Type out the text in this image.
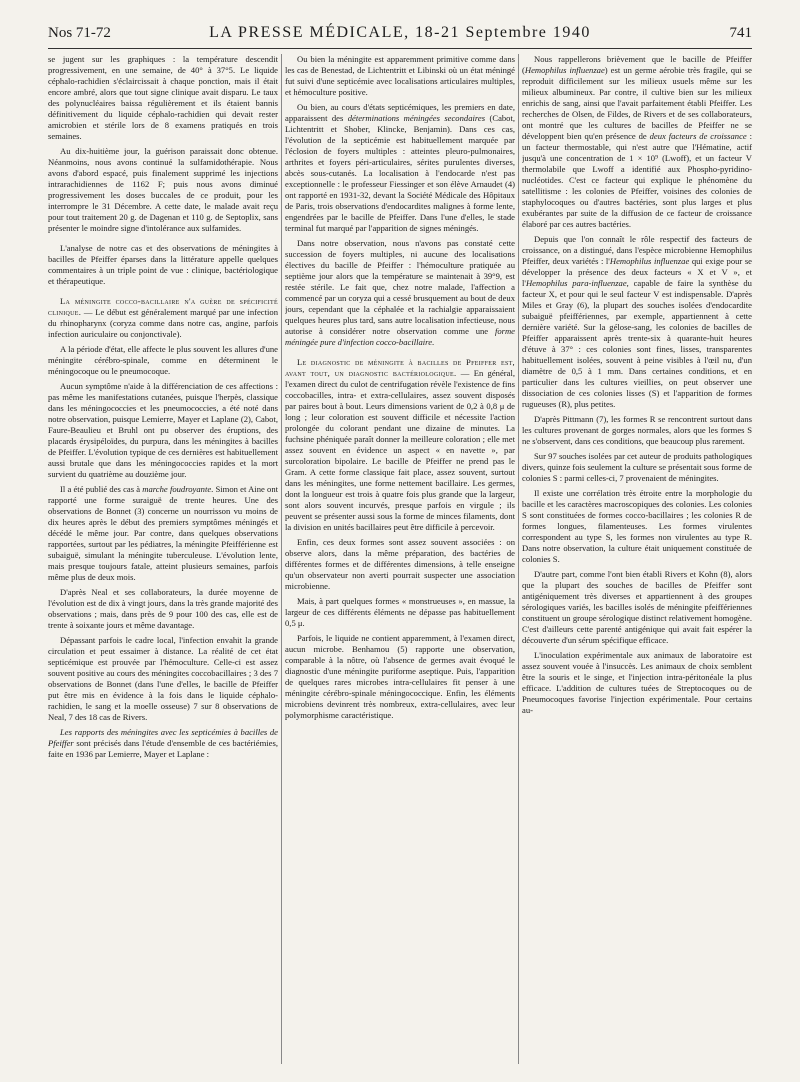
Nos 71-72	LA PRESSE MÉDICALE, 18-21 Septembre 1940	741

se jugent sur les graphiques : la température descendit progressivement, en une semaine, de 40° à 37°5. Le liquide céphalo-rachidien s'éclaircissait à chaque ponction, mais il était encore ambré, alors que tout signe clinique avait disparu. Le taux des polynucléaires baissa régulièrement et ils étaient bannis définitivement du liquide céphalo-rachidien qui devait rester amicrobien et stérile lors de 8 examens pratiqués en trois semaines.

Au dix-huitième jour, la guérison paraissait donc obtenue. Néanmoins, nous avons continué la sulfamidothérapie. Nous avons d'abord espacé, puis finalement supprimé les injections intrarachidiennes de 1162 F; puis nous avons diminué progressivement les doses buccales de ce produit, pour les interrompre le 31 Décembre. A cette date, le malade avait reçu pour tout traitement 20 g. de Dagenan et 110 g. de Septoplix, sans présenter le moindre signe d'intolérance aux sulfamides.

L'analyse de notre cas et des observations de méningites à bacilles de Pfeiffer éparses dans la littérature appelle quelques commentaires à un triple point de vue : clinique, bactériologique et thérapeutique.

La méningite cocco-bacillaire n'a guère de spécificité clinique. — Le début est généralement marqué par une infection du rhinopharynx (coryza comme dans notre cas, angine, parfois infection auriculaire ou conjonctivale).

A la période d'état, elle affecte le plus souvent les allures d'une méningite cérébro-spinale, comme en déterminent le méningocoque ou le pneumocoque.

Aucun symptôme n'aide à la différenciation de ces affections : pas même les manifestations cutanées, puisque l'herpès, classique dans les méningococcies et les pneumococcies, a été noté dans notre observation, puisque Lemierre, Mayer et Laplane (2), Cabot, Faure-Beaulieu et Bruhl ont pu observer des éruptions, des placards érysipéloïdes, du purpura, dans les méningites à bacilles de Pfeiffer. L'évolution typique de ces dernières est habituellement aussi brutale que dans les méningococcies rapides et la mort survient du quatrième au douzième jour.

Il a été publié des cas à marche foudroyante. Simon et Aine ont rapporté une forme suraiguë de trente heures. Une des observations de Bonnet (3) concerne un nourrisson vu moins de dix heures après le début des premiers symptômes méningés et décédé le même jour. Par contre, dans quelques observations rapportées, surtout par les pédiatres, la méningite Pfeifférienne est subaiguë, simulant la méningite tuberculeuse. L'évolution lente, mais presque toujours fatale, atteint plusieurs semaines, parfois même plus de deux mois.

D'après Neal et ses collaborateurs, la durée moyenne de l'évolution est de dix à vingt jours, dans la très grande majorité des observations ; mais, dans près de 9 pour 100 des cas, elle est de trente à soixante jours et même davantage.

Dépassant parfois le cadre local, l'infection envahit la grande circulation et peut essaimer à distance. La réalité de cet état septicémique est prouvée par l'hémoculture. Celle-ci est assez souvent positive au cours des méningites coccobacillaires ; 3 des 7 observations de Bonnet (dans l'une d'elles, le bacille de Pfeiffer put être mis en évidence à la fois dans le liquide céphalo-rachidien, le sang et la moelle osseuse) 7 sur 8 observations de Neal, 7 des 18 cas de Rivers.

Les rapports des méningites avec les septicémies à bacilles de Pfeiffer sont précisés dans l'étude d'ensemble de ces bactériémies, faite en 1936 par Lemierre, Mayer et Laplane :

Ou bien la méningite est apparemment primitive comme dans les cas de Benestad, de Lichtentritt et Libinski où un état méningé fut suivi d'une septicémie avec localisations articulaires multiples, et hémoculture positive.

Ou bien, au cours d'états septicémiques, les premiers en date, apparaissent des déterminations méningées secondaires (Cabot, Lichtentritt et Shober, Klincke, Benjamin). Dans ces cas, l'évolution de la septicémie est habituellement marquée par l'éclosion de foyers multiples : atteintes pleuro-pulmonaires, arthrites et foyers péri-articulaires, sérites purulentes diverses, abcès sous-cutanés. La localisation à l'endocarde n'est pas exceptionnelle : le professeur Fiessinger et son élève Arnaudet (4) ont rapporté en 1931-32, devant la Société Médicale des Hôpitaux de Paris, trois observations d'endocardites malignes à forme lente, engendrées par le bacille de Pfeiffer. Dans l'une d'elles, le stade terminal fut marqué par l'apparition de signes méningés.

Dans notre observation, nous n'avons pas constaté cette succession de foyers multiples, ni aucune des localisations électives du bacille de Pfeiffer : l'hémoculture pratiquée au septième jour alors que la température se maintenait à 39°9, est restée stérile. Le fait que, chez notre malade, l'affection a commencé par un coryza qui a cessé brusquement au bout de deux jours, cependant que la céphalée et la rachialgie apparaissaient quelques heures plus tard, sans autre localisation infectieuse, nous autorise à considérer notre observation comme une forme méningée pure d'infection cocco-bacillaire.

Le diagnostic de méningite à bacilles de Pfeiffer est, avant tout, un diagnostic bactériologique. — En général, l'examen direct du culot de centrifugation révèle l'existence de fins coccobacilles, intra- et extra-cellulaires, assez souvent disposés par paires bout à bout. Leurs dimensions varient de 0,2 à 0,8 μ de long ; leur coloration est souvent difficile et nécessite l'action prolongée du colorant pendant une dizaine de minutes. La fuchsine phéniquée paraît donner la meilleure coloration ; elle met assez souvent en évidence un aspect « en navette », par surcoloration bipolaire. Le bacille de Pfeiffer ne prend pas le Gram. A cette forme classique fait place, assez souvent, surtout dans les méningites, une forme nettement bacillaire. Les germes, dont la longueur est trois à quatre fois plus grande que la largeur, sont alors souvent incurvés, presque parfois en virgule ; ils peuvent se présenter aussi sous la forme de minces filaments, dont la division en unités bacillaires peut être difficile à percevoir.

Enfin, ces deux formes sont assez souvent associées : on observe alors, dans la même préparation, des bactéries de différentes formes et de différentes dimensions, à telle enseigne qu'un observateur non averti pourrait suspecter une association microbienne.

Mais, à part quelques formes « monstrueuses », en massue, la largeur de ces différents éléments ne dépasse pas habituellement 0,5 μ.

Parfois, le liquide ne contient apparemment, à l'examen direct, aucun microbe. Benhamou (5) rapporte une observation, comparable à la nôtre, où l'absence de germes avait évoqué le diagnostic d'une méningite puriforme aseptique. Puis, l'apparition de quelques rares microbes intra-cellulaires fit penser à une méningite cérébro-spinale méningococcique. Enfin, les éléments microbiens devinrent très nombreux, extra-cellulaires, avec leur polymorphisme caractéristique.

Nous rappellerons brièvement que le bacille de Pfeiffer (Hemophilus influenzae) est un germe aérobie très fragile, qui se reproduit difficilement sur les milieux usuels même sur les milieux albumineux. Par contre, il cultive bien sur les milieux enrichis de sang, ainsi que l'avait parfaitement établi Pfeiffer. Les recherches de Olsen, de Fildes, de Rivers et de ses collaborateurs, ont montré que les cultures de bacilles de Pfeiffer ne se développent bien qu'en présence de deux facteurs de croissance : un facteur thermostable, qui n'est autre que l'Hématine, actif jusqu'à une concentration de 1 × 10⁹ (Lwoff), et un facteur V thermolabile que Lwoff a identifié aux Phospho-pyridino-nucléotides. C'est ce facteur qui explique le phénomène du satellitisme : les colonies de Pfeiffer, voisines des colonies de staphylocoques ou d'autres bactéries, sont plus larges et plus exubérantes par suite de la diffusion de ce facteur de croissance élaboré par ces autres bactéries.

Depuis que l'on connaît le rôle respectif des facteurs de croissance, on a distingué, dans l'espèce microbienne Hemophilus Pfeiffer, deux variétés : l'Hemophilus influenzae qui exige pour se développer la présence des deux facteurs « X et V », et l'Hemophilus para-influenzae, capable de faire la synthèse du facteur X, et pour qui le seul facteur V est indispensable. D'après Miles et Gray (6), la plupart des souches isolées d'endocardite subaiguë pfeiffériennes, par exemple, appartiennent à cette dernière variété. Sur la gélose-sang, les colonies de bacilles de Pfeiffer apparaissent après trente-six à quarante-huit heures d'étuve à 37° : ces colonies sont fines, lisses, transparentes habituellement isolées, souvent à peine visibles à l'œil nu, d'un diamètre de 0,5 à 1 mm. Dans certaines conditions, et en particulier dans les cultures vieillies, on peut observer une dissociation de ces colonies lisses (S) et l'apparition de formes rugueuses (R), plus petites.

D'après Pittmann (7), les formes R se rencontrent surtout dans les cultures provenant de gorges normales, alors que les formes S ne s'observent, dans ces conditions, que beaucoup plus rarement.

Sur 97 souches isolées par cet auteur de produits pathologiques divers, quinze fois seulement la culture se présentait sous forme de colonies S : parmi celles-ci, 7 provenaient de méningites.

Il existe une corrélation très étroite entre la morphologie du bacille et les caractères macroscopiques des colonies. Les colonies S sont constituées de formes cocco-bacillaires ; les colonies R de formes longues, filamenteuses. Les formes virulentes correspondent au type S, les formes non virulentes au type R. Dans notre observation, la culture était uniquement constituée de colonies S.

D'autre part, comme l'ont bien établi Rivers et Kohn (8), alors que la plupart des souches de bacilles de Pfeiffer sont antigéniquement très diverses et appartiennent à des groupes sérologiques variés, les bacilles isolés de méningite pfeiffériennes constituent un groupe sérologique distinct relativement homogène. C'est d'ailleurs cette parenté antigénique qui avait fait espérer la découverte d'un sérum spécifique efficace.

L'inoculation expérimentale aux animaux de laboratoire est assez souvent vouée à l'insuccès. Les animaux de choix semblent être la souris et le singe, et l'injection intra-péritonéale la plus efficace. L'addition de cultures tuées de Streptocoques ou de Pneumocoques favorise l'injection expérimentale. Pour certains au-
